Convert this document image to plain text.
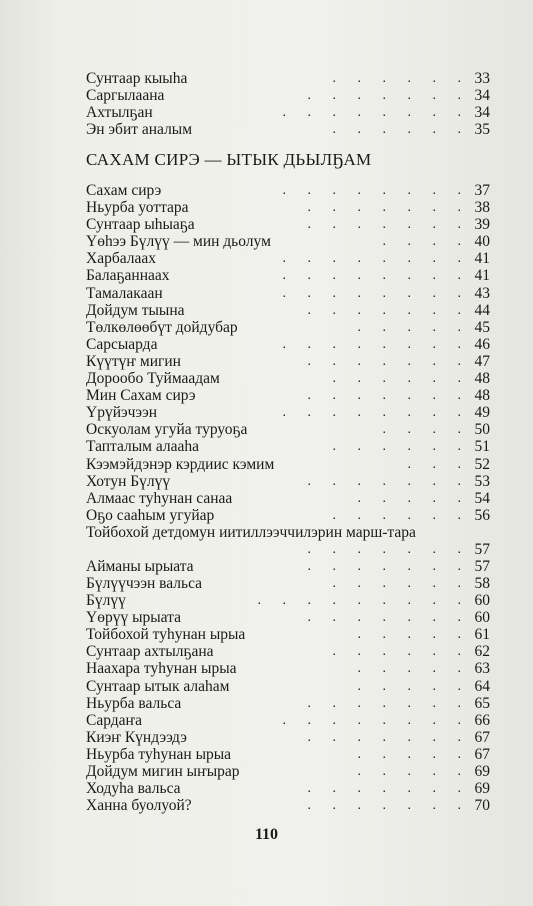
Сунтаар кыыһа	. . . . . . 33
Саргылаана	. . . . . . . 34
Ахтылҕан	. . . . . . . . 34
Эн эбит аналым	. . . . . . 35
САХАМ СИРЭ — ЫТЫК ДЬЫЛҔАМ
Сахам сирэ	. . . . . . . . 37
Ньурба уоттара	. . . . . . . 38
Сунтаар ыһыаҕа	. . . . . . . 39
Үөһээ Бүлүү — мин дьолум	. . . . 40
Харбалаах	. . . . . . . . 41
Балаҕаннаах	. . . . . . . . 41
Тамалакаан	. . . . . . . . 43
Дойдум тыына	. . . . . . . 44
Төлкөлөөбүт дойдубар	. . . . . 45
Сарсыарда	. . . . . . . . 46
Күүтүҥ мигин	. . . . . . . 47
Дорообо Туймаадам	. . . . . . 48
Мин Сахам сирэ	. . . . . . . 48
Үрүйэчээн	. . . . . . . . 49
Оскуолам угуйа туруоҕа	. . . . 50
Тапталым алааһа	. . . . . . 51
Кээмэйдэнэр кэрдиис кэмим	. . . 52
Хотун Бүлүү	. . . . . . . 53
Алмаас туһунан санаа	. . . . . 54
Оҕо сааһым угуйар	. . . . . . 56
Тойбохой детдомун иитиллээччилэрин марш-тара
. . . . . . . 57
Айманы ырыата	. . . . . . . 57
Бүлүүчээн вальса	. . . . . . 58
Бүлүү	. . . . . . . . . 60
Үөрүү ырыата	. . . . . . . 60
Тойбохой туһунан ырыа	. . . . . 61
Сунтаар ахтылҕана	. . . . . . 62
Наахара туһунан ырыа	. . . . . 63
Сунтаар ытык алаһам	. . . . . 64
Ньурба вальса	. . . . . . . 65
Сардаҥа	. . . . . . . . 66
Киэҥ Күндээдэ	. . . . . . . 67
Ньурба туһунан ырыа	. . . . . 67
Дойдум мигин ыҥырар	. . . . . 69
Ходуһа вальса	. . . . . . . 69
Ханна буолуой?	. . . . . . . 70
110
